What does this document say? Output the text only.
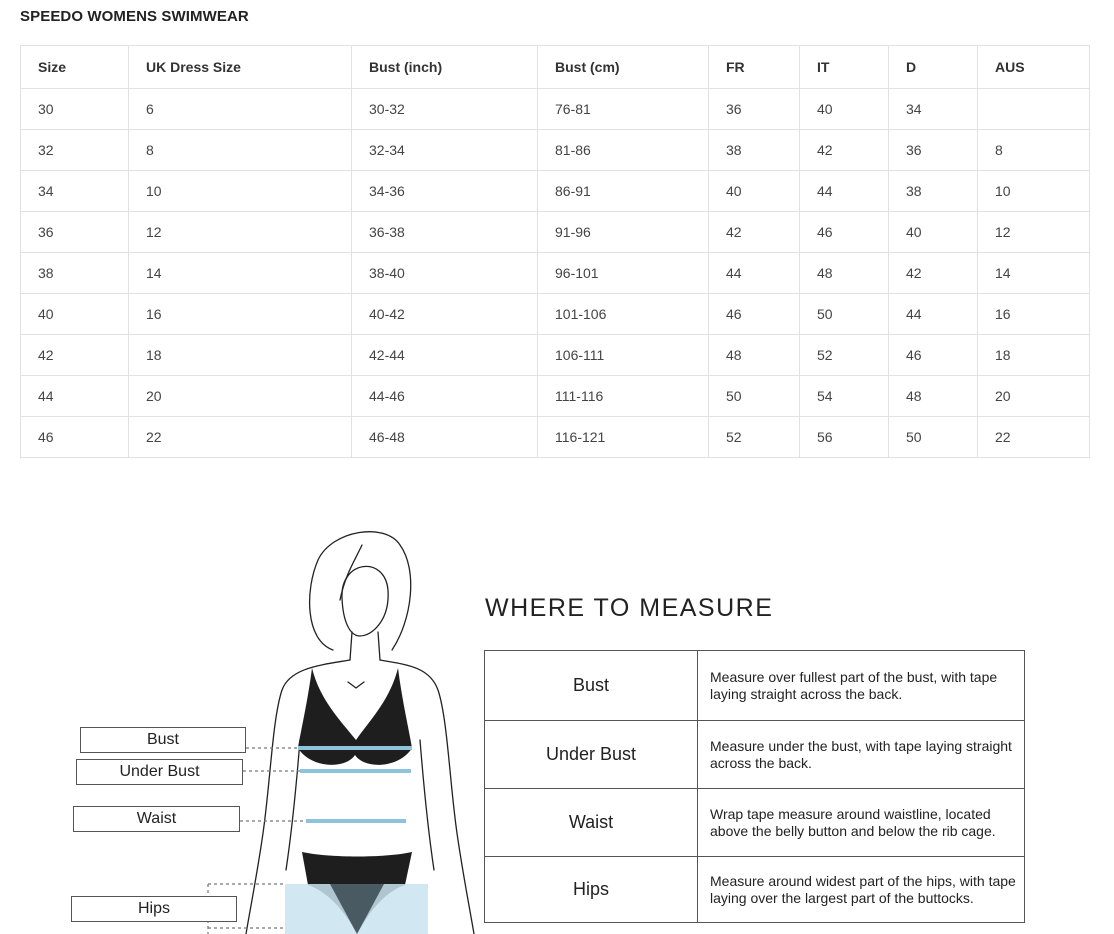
SPEEDO WOMENS SWIMWEAR
Size	UK Dress Size	Bust (inch)	Bust (cm)	FR	IT	D	AUS
30	6	30-32	76-81	36	40	34	
32	8	32-34	81-86	38	42	36	8
34	10	34-36	86-91	40	44	38	10
36	12	36-38	91-96	42	46	40	12
38	14	38-40	96-101	44	48	42	14
40	16	40-42	101-106	46	50	44	16
42	18	42-44	106-111	48	52	46	18
44	20	44-46	111-116	50	54	48	20
46	22	46-48	116-121	52	56	50	22
Bust
Under Bust
Waist
Hips
WHERE TO MEASURE
Bust	Measure over fullest part of the bust, with tape laying straight across the back.
Under Bust	Measure under the bust, with tape laying straight across the back.
Waist	Wrap tape measure around waistline, located above the belly button and below the rib cage.
Hips	Measure around widest part of the hips, with tape laying over the largest part of the buttocks.
